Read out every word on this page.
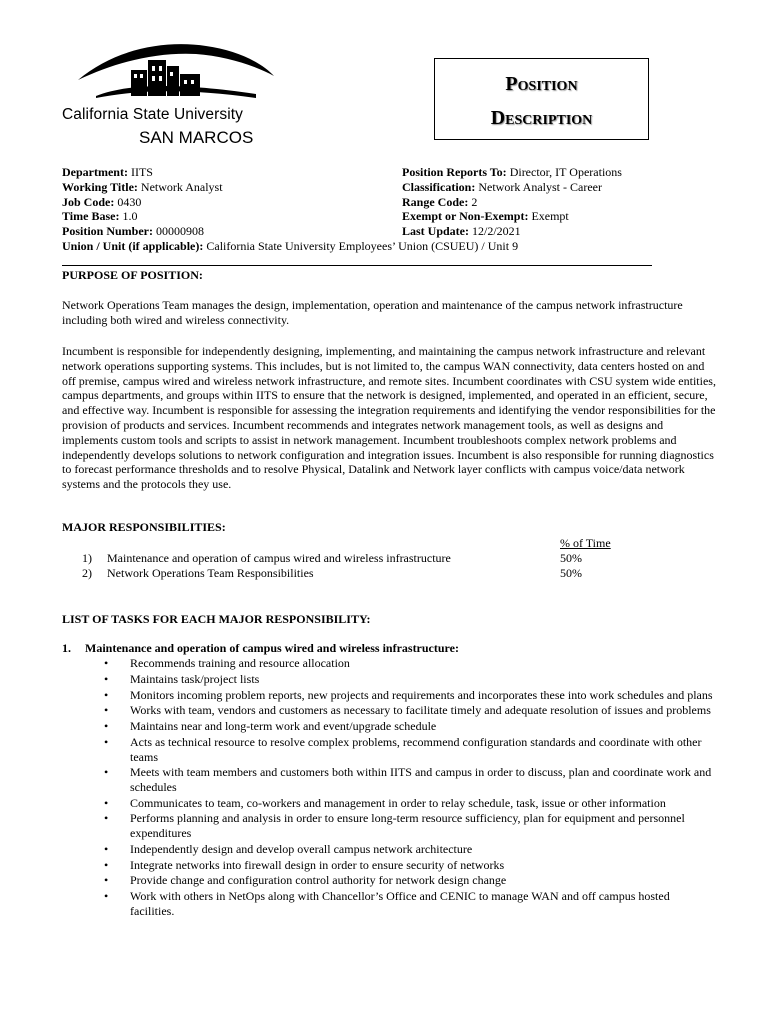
California State University
SAN MARCOS
Position
Description
Department: IITS
Working Title: Network Analyst
Job Code: 0430
Time Base: 1.0
Position Number: 00000908
Position Reports To: Director, IT Operations
Classification: Network Analyst - Career
Range Code: 2
Exempt or Non-Exempt: Exempt
Last Update: 12/2/2021
Union / Unit (if applicable): California State University Employees’ Union (CSUEU) / Unit 9
PURPOSE OF POSITION:
Network Operations Team manages the design, implementation, operation and maintenance of the campus network infrastructure including both wired and wireless connectivity.
Incumbent is responsible for independently designing, implementing, and maintaining the campus network infrastructure and relevant network operations supporting systems. This includes, but is not limited to, the campus WAN connectivity, data centers hosted on and off premise, campus wired and wireless network infrastructure, and remote sites. Incumbent coordinates with CSU system wide entities, campus departments, and groups within IITS to ensure that the network is designed, implemented, and operated in an efficient, secure, and effective way. Incumbent is responsible for assessing the integration requirements and identifying the vendor responsibilities for the provision of products and services. Incumbent recommends and integrates network management tools, as well as designs and implements custom tools and scripts to assist in network management. Incumbent troubleshoots complex network problems and independently develops solutions to network configuration and integration issues. Incumbent is also responsible for running diagnostics to forecast performance thresholds and to resolve Physical, Datalink and Network layer conflicts with campus voice/data network systems and the protocols they use.
MAJOR RESPONSIBILITIES:
% of Time
1)	Maintenance and operation of campus wired and wireless infrastructure	50%
2)	Network Operations Team Responsibilities	50%
LIST OF TASKS FOR EACH MAJOR RESPONSIBILITY:
1. Maintenance and operation of campus wired and wireless infrastructure:
• Recommends training and resource allocation
• Maintains task/project lists
• Monitors incoming problem reports, new projects and requirements and incorporates these into work schedules and plans
• Works with team, vendors and customers as necessary to facilitate timely and adequate resolution of issues and problems
• Maintains near and long-term work and event/upgrade schedule
• Acts as technical resource to resolve complex problems, recommend configuration standards and coordinate with other teams
• Meets with team members and customers both within IITS and campus in order to discuss, plan and coordinate work and schedules
• Communicates to team, co-workers and management in order to relay schedule, task, issue or other information
• Performs planning and analysis in order to ensure long-term resource sufficiency, plan for equipment and personnel expenditures
• Independently design and develop overall campus network architecture
• Integrate networks into firewall design in order to ensure security of networks
• Provide change and configuration control authority for network design change
• Work with others in NetOps along with Chancellor’s Office and CENIC to manage WAN and off campus hosted facilities.
